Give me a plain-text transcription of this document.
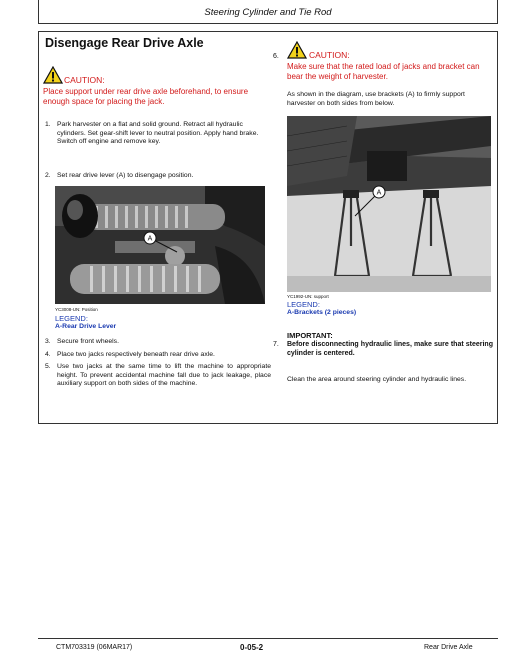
Steering Cylinder and Tie Rod
Disengage Rear Drive Axle
CAUTION:
Place support under rear drive axle beforehand, to ensure enough space for placing the jack.
1. Park harvester on a flat and solid ground. Retract all hydraulic cylinders. Set gear-shift lever to neutral position. Apply hand brake. Switch off engine and remove key.
2. Set rear drive lever (A) to disengage position.
A
YC3008-UN: Position
LEGEND:
A-Rear Drive Lever
3. Secure front wheels.
4. Place two jacks respectively beneath rear drive axle.
5. Use two jacks at the same time to lift the machine to appropriate height. To prevent accidental machine fall due to jack leakage, place auxiliary support on both sides of the machine.
6.	CAUTION:
Make sure that the rated load of jacks and bracket can bear the weight of harvester.
As shown in the diagram, use brackets (A) to firmly support harvester on both sides from below.
A
YC1992-UN: support
LEGEND:
A-Brackets (2 pieces)
IMPORTANT:
7. Before disconnecting hydraulic lines, make sure that steering cylinder is centered.
Clean the area around steering cylinder and hydraulic lines.
CTM703319 (06MAR17)	0-05-2	Rear Drive Axle
